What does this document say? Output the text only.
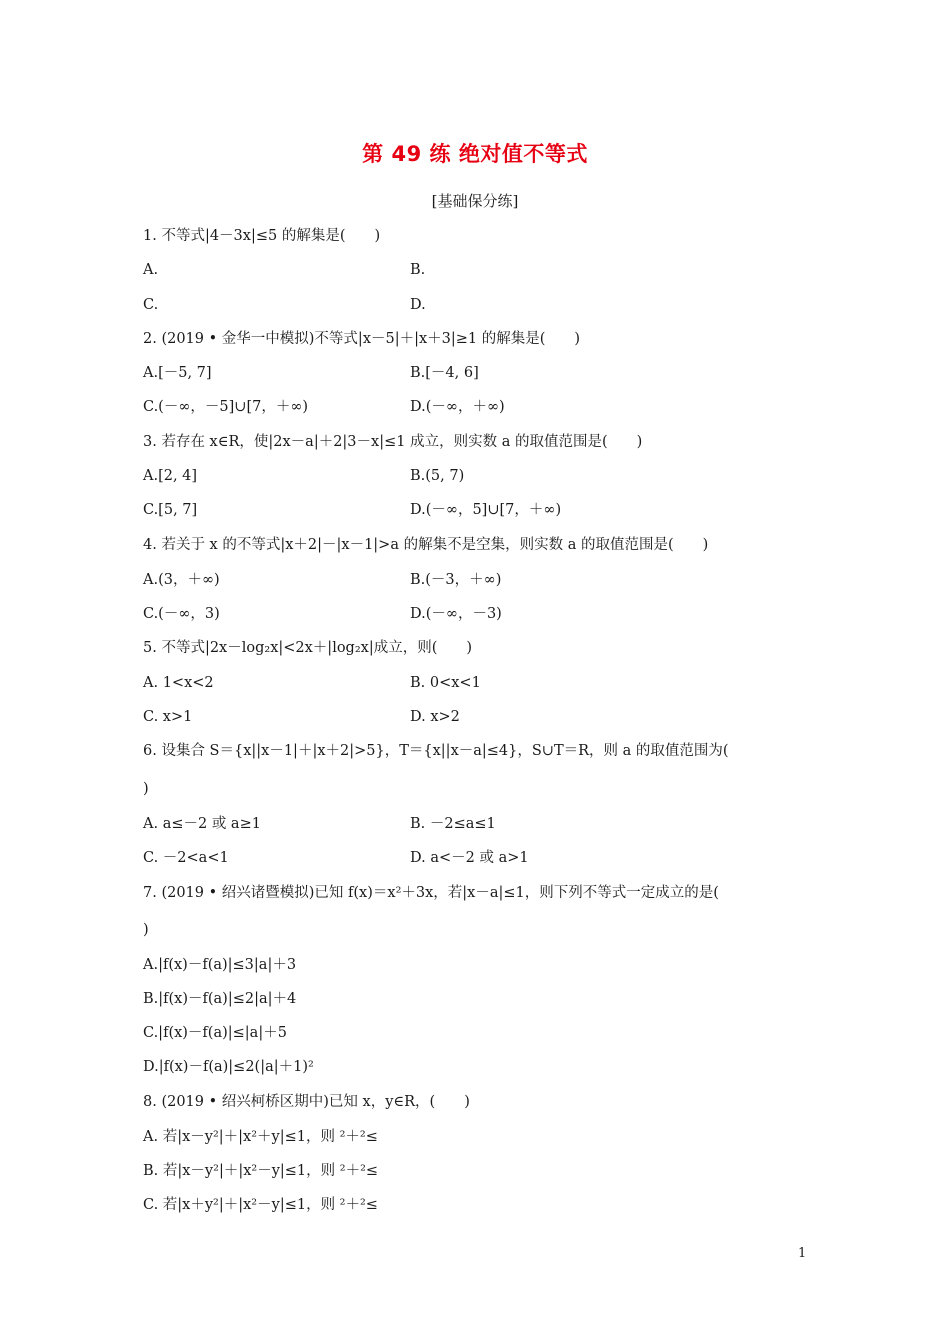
第 49 练 绝对值不等式
[基础保分练]
1. 不等式|4－3x|≤5 的解集是(　　)
A.	B.
C.	D.
2. (2019 • 金华一中模拟)不等式|x－5|＋|x＋3|≥1 的解集是(　　)
A.[－5, 7]	B.[－4, 6]
C.(－∞，－5]∪[7，＋∞)	D.(－∞，＋∞)
3. 若存在 x∈R，使|2x－a|＋2|3－x|≤1 成立，则实数 a 的取值范围是(　　)
A.[2, 4]	B.(5, 7)
C.[5, 7]	D.(－∞，5]∪[7，＋∞)
4. 若关于 x 的不等式|x＋2|－|x－1|>a 的解集不是空集，则实数 a 的取值范围是(　　)
A.(3，＋∞)	B.(－3，＋∞)
C.(－∞，3)	D.(－∞，－3)
5. 不等式|2x－log₂x|<2x＋|log₂x|成立，则(　　)
A. 1<x<2	B. 0<x<1
C. x>1	D. x>2
6. 设集合 S＝{x||x－1|＋|x＋2|>5}，T＝{x||x－a|≤4}，S∪T＝R，则 a 的取值范围为(
)
A. a≤－2 或 a≥1	B. －2≤a≤1
C. －2<a<1	D. a<－2 或 a>1
7. (2019 • 绍兴诸暨模拟)已知 f(x)＝x²＋3x，若|x－a|≤1，则下列不等式一定成立的是(
)
A.|f(x)－f(a)|≤3|a|＋3
B.|f(x)－f(a)|≤2|a|＋4
C.|f(x)－f(a)|≤|a|＋5
D.|f(x)－f(a)|≤2(|a|＋1)²
8. (2019 • 绍兴柯桥区期中)已知 x，y∈R，(　　)
A. 若|x－y²|＋|x²＋y|≤1，则 ²＋²≤
B. 若|x－y²|＋|x²－y|≤1，则 ²＋²≤
C. 若|x＋y²|＋|x²－y|≤1，则 ²＋²≤
1
